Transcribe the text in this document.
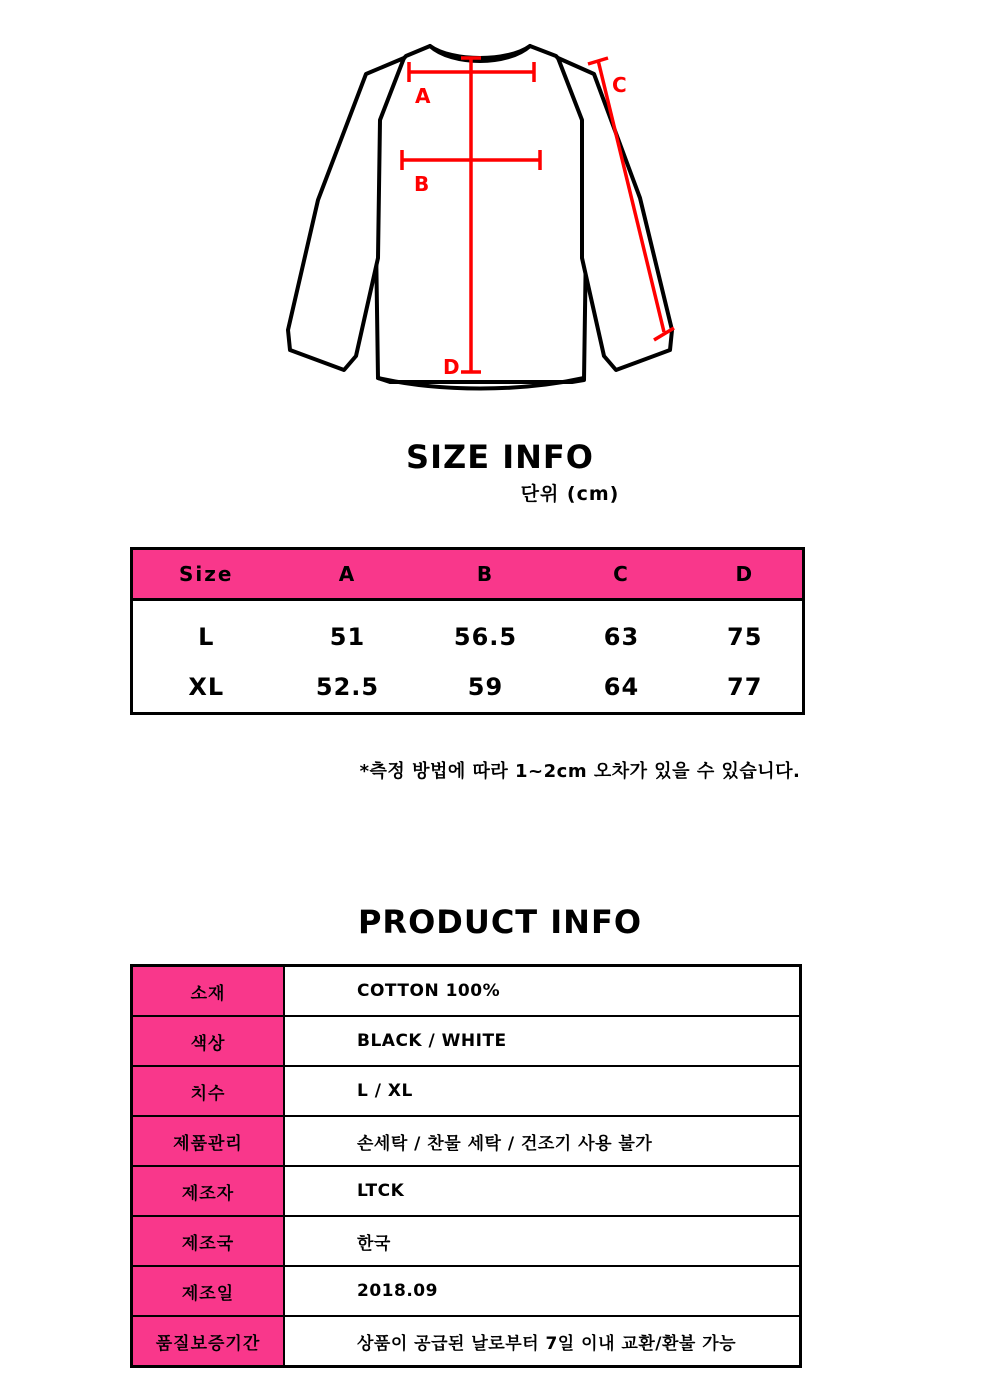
A
B
C
D
SIZE INFO
단위 (cm)
Size	A	B	C	D
L	51	56.5	63	75
XL	52.5	59	64	77
*측정 방법에 따라 1~2cm 오차가 있을 수 있습니다.
PRODUCT INFO
소재	COTTON 100%
색상	BLACK / WHITE
치수	L / XL
제품관리	손세탁 / 찬물 세탁 / 건조기 사용 불가
제조자	LTCK
제조국	한국
제조일	2018.09
품질보증기간	상품이 공급된 날로부터 7일 이내 교환/환불 가능
